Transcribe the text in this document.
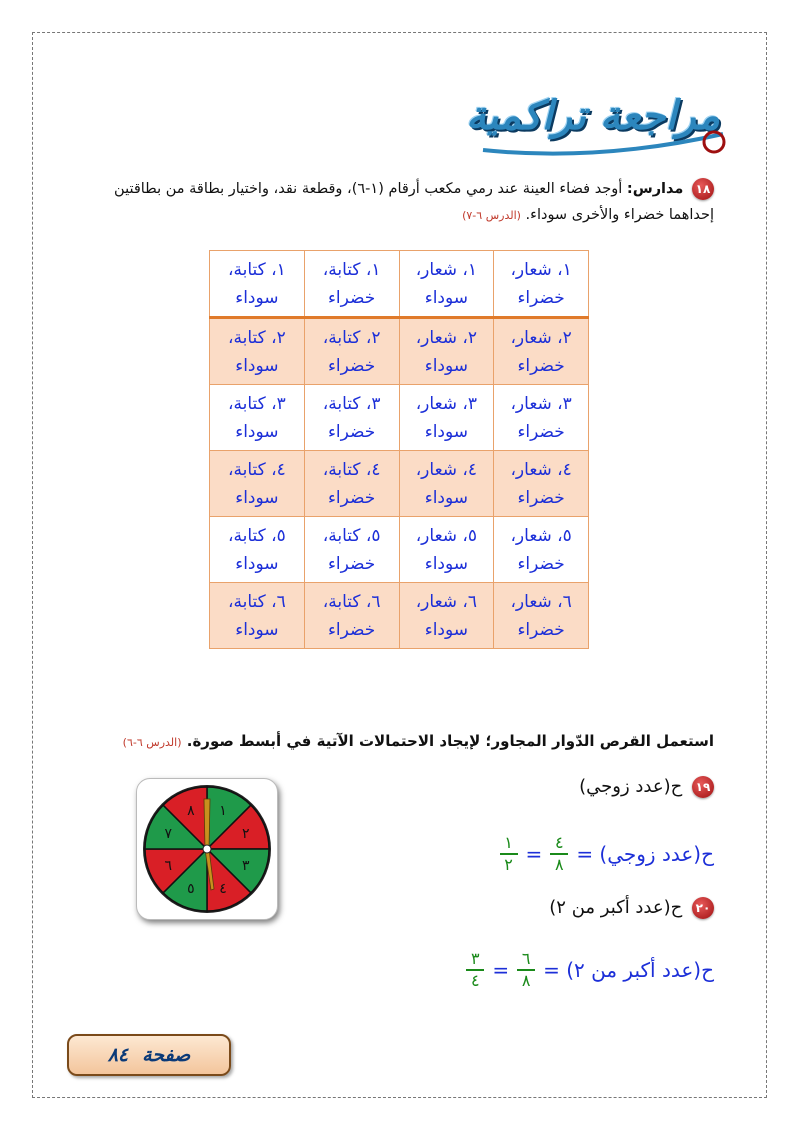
مراجعة تراكمية
١٨ مدارس: أوجد فضاء العينة عند رمي مكعب أرقام (١-٦)، وقطعة نقد، واختيار بطاقة من بطاقتين إحداهما خضراء والأخرى سوداء. (الدرس ٦-٧)
١، شعار، خضراء	١، شعار، سوداء	١، كتابة، خضراء	١، كتابة، سوداء
٢، شعار، خضراء	٢، شعار، سوداء	٢، كتابة، خضراء	٢، كتابة، سوداء
٣، شعار، خضراء	٣، شعار، سوداء	٣، كتابة، خضراء	٣، كتابة، سوداء
٤، شعار، خضراء	٤، شعار، سوداء	٤، كتابة، خضراء	٤، كتابة، سوداء
٥، شعار، خضراء	٥، شعار، سوداء	٥، كتابة، خضراء	٥، كتابة، سوداء
٦، شعار، خضراء	٦، شعار، سوداء	٦، كتابة، خضراء	٦، كتابة، سوداء
استعمل القرص الدّوار المجاور؛ لإيجاد الاحتمالات الآتية في أبسط صورة. (الدرس ٦-٦)
١
٢
٣
٤
٥
٦
٧
٨
١٩ ح(عدد زوجي)
ح(عدد زوجي) =
$\frac{٤}{٨}$
=
$\frac{١}{٢}$
٢٠ ح(عدد أكبر من ٢)
ح(عدد أكبر من ٢) =
$\frac{٦}{٨}$
=
$\frac{٣}{٤}$
صفحة
٨٤
